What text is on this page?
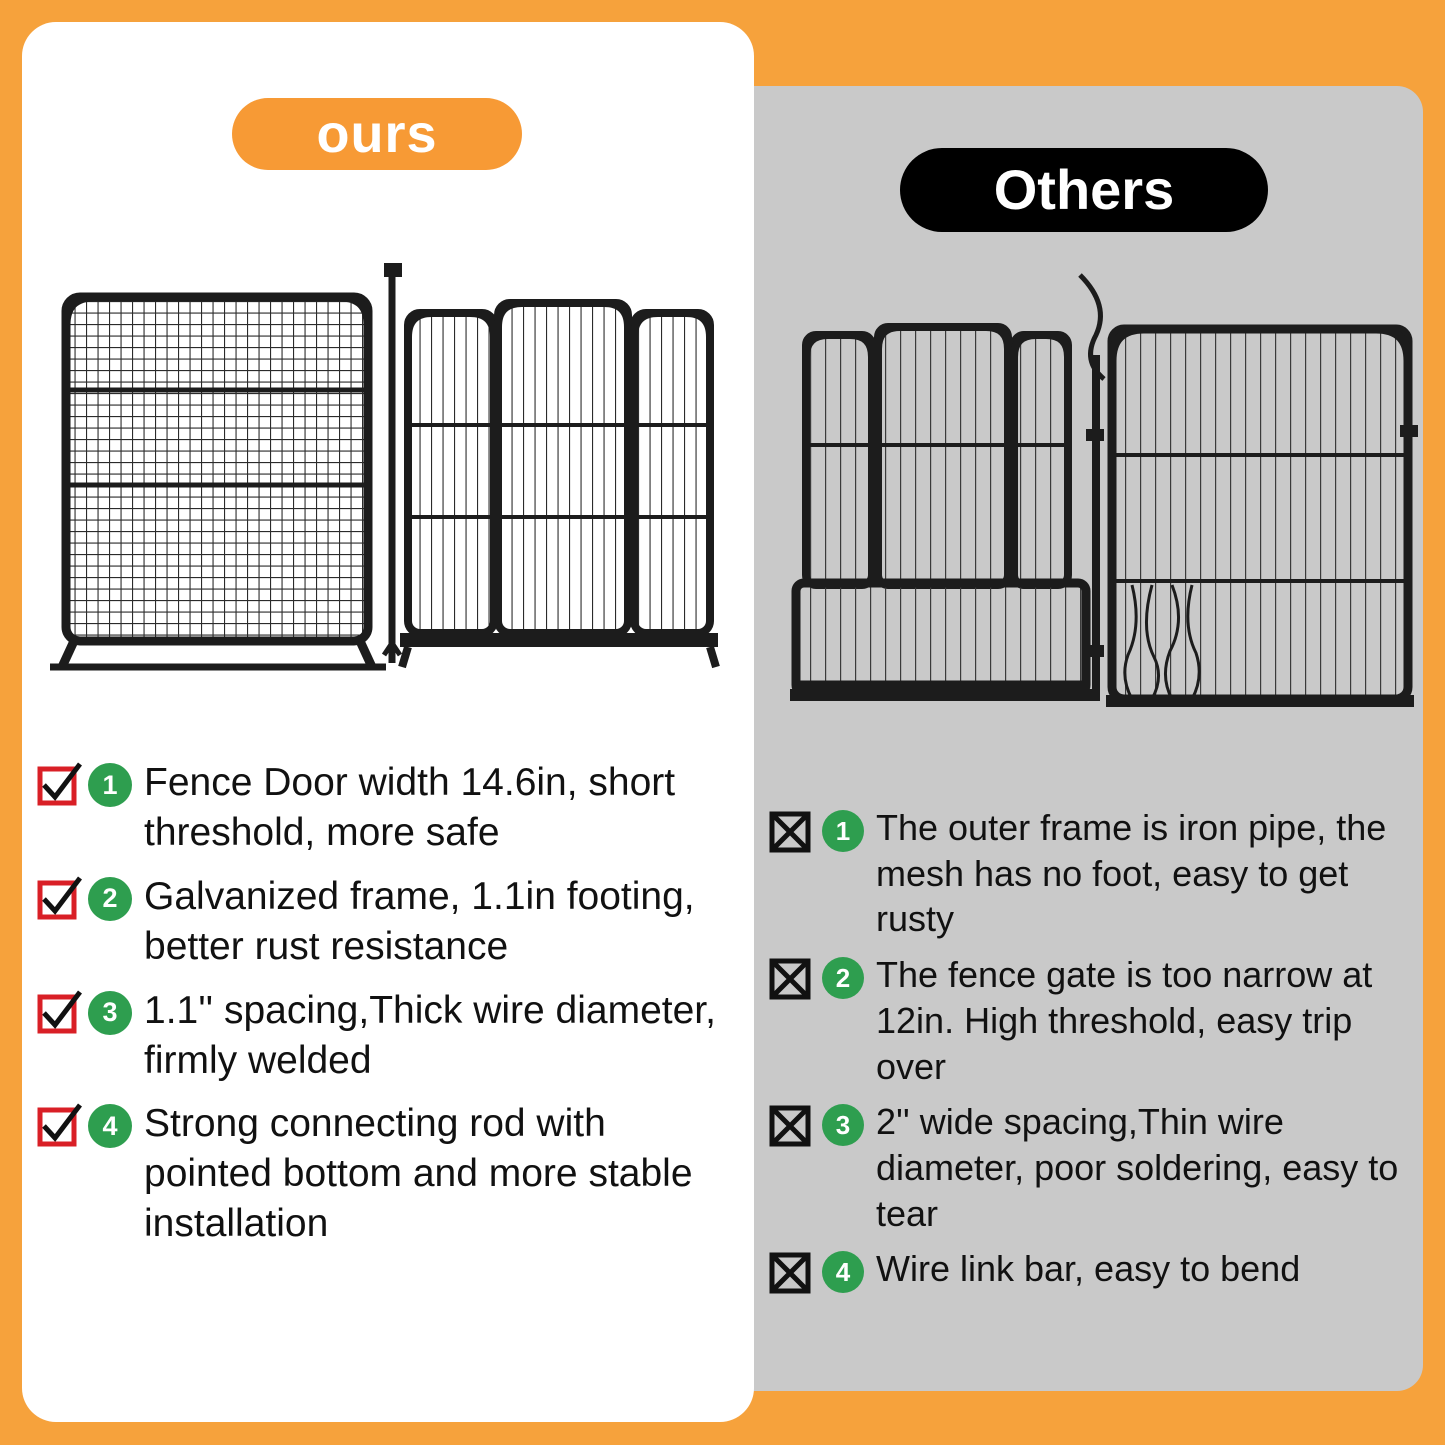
ours
Others
1 Fence Door width 14.6in, short threshold, more safe
2 Galvanized frame, 1.1in footing, better rust resistance
3 1.1'' spacing,Thick wire diameter, firmly welded
4 Strong connecting rod with pointed bottom and more stable installation
1 The outer frame is iron pipe, the mesh has no foot, easy to get rusty
2 The fence gate is too narrow at 12in. High threshold, easy trip over
3 2'' wide spacing,Thin wire diameter, poor soldering, easy to tear
4 Wire link bar, easy to bend
